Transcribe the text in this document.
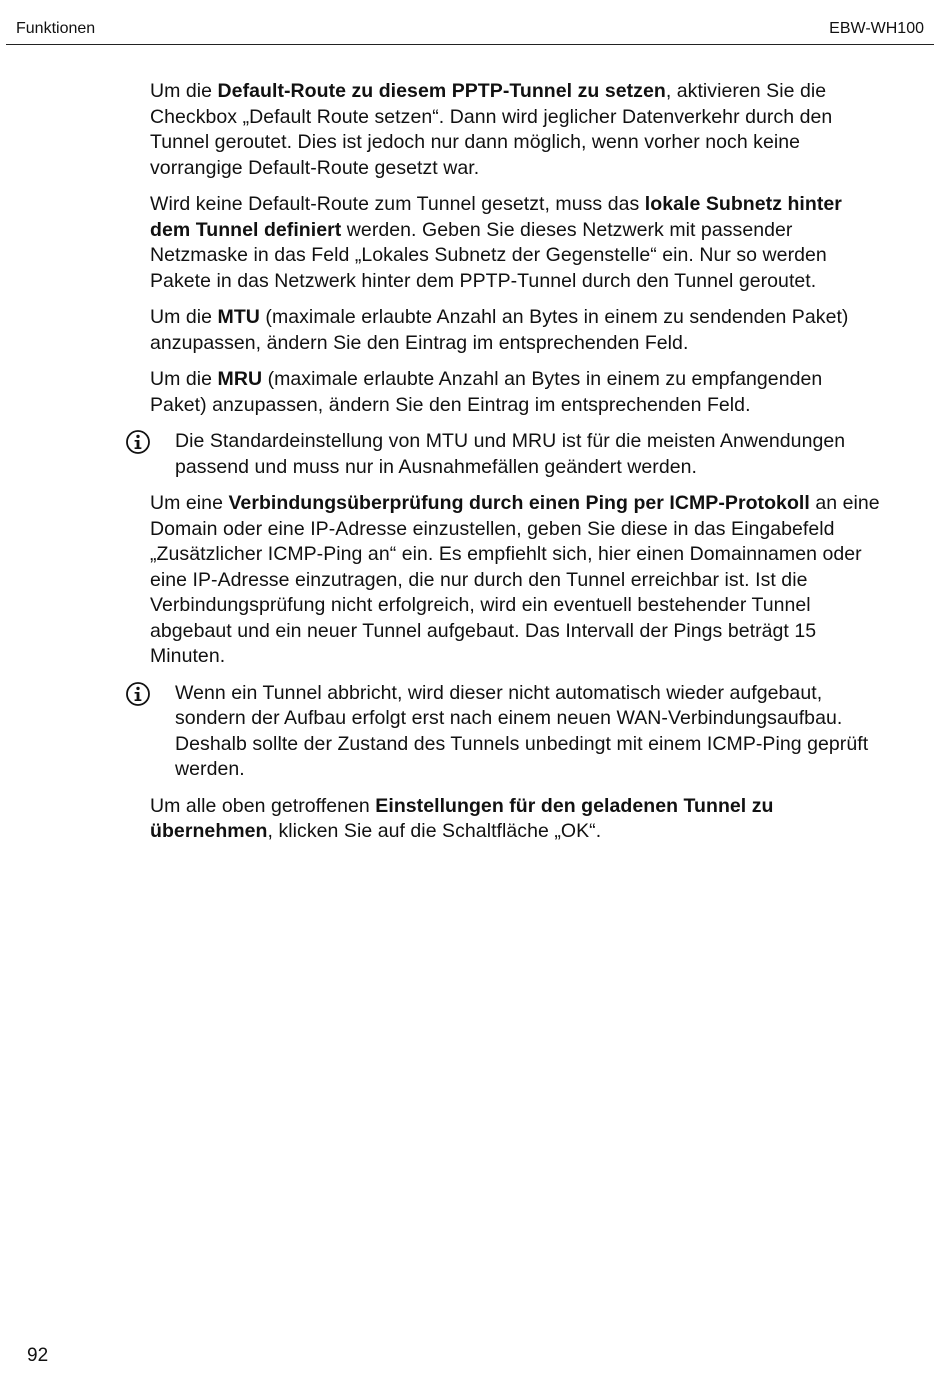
Funktionen	EBW-WH100

Um die Default-Route zu diesem PPTP-Tunnel zu setzen, aktivieren Sie die Checkbox „Default Route setzen“. Dann wird jeglicher Datenverkehr durch den Tunnel geroutet. Dies ist jedoch nur dann möglich, wenn vorher noch keine vorrangige Default-Route gesetzt war.

Wird keine Default-Route zum Tunnel gesetzt, muss das lokale Subnetz hinter dem Tunnel definiert werden. Geben Sie dieses Netzwerk mit passender Netzmaske in das Feld „Lokales Subnetz der Gegenstelle“ ein. Nur so werden Pakete in das Netzwerk hinter dem PPTP-Tunnel durch den Tunnel geroutet.

Um die MTU (maximale erlaubte Anzahl an Bytes in einem zu sendenden Paket) anzupassen, ändern Sie den Eintrag im entsprechenden Feld.

Um die MRU (maximale erlaubte Anzahl an Bytes in einem zu empfangenden Paket) anzupassen, ändern Sie den Eintrag im entsprechenden Feld.

Die Standardeinstellung von MTU und MRU ist für die meisten Anwendungen passend und muss nur in Ausnahmefällen geändert werden.

Um eine Verbindungsüberprüfung durch einen Ping per ICMP-Protokoll an eine Domain oder eine IP-Adresse einzustellen, geben Sie diese in das Eingabefeld „Zusätzlicher ICMP-Ping an“ ein. Es empfiehlt sich, hier einen Domainnamen oder eine IP-Adresse einzutragen, die nur durch den Tunnel erreichbar ist. Ist die Verbindungsprüfung nicht erfolgreich, wird ein eventuell bestehender Tunnel abgebaut und ein neuer Tunnel aufgebaut. Das Intervall der Pings beträgt 15 Minuten.

Wenn ein Tunnel abbricht, wird dieser nicht automatisch wieder aufgebaut, sondern der Aufbau erfolgt erst nach einem neuen WAN-Verbindungsaufbau. Deshalb sollte der Zustand des Tunnels unbedingt mit einem ICMP-Ping geprüft werden.

Um alle oben getroffenen Einstellungen für den geladenen Tunnel zu übernehmen, klicken Sie auf die Schaltfläche „OK“.

92
